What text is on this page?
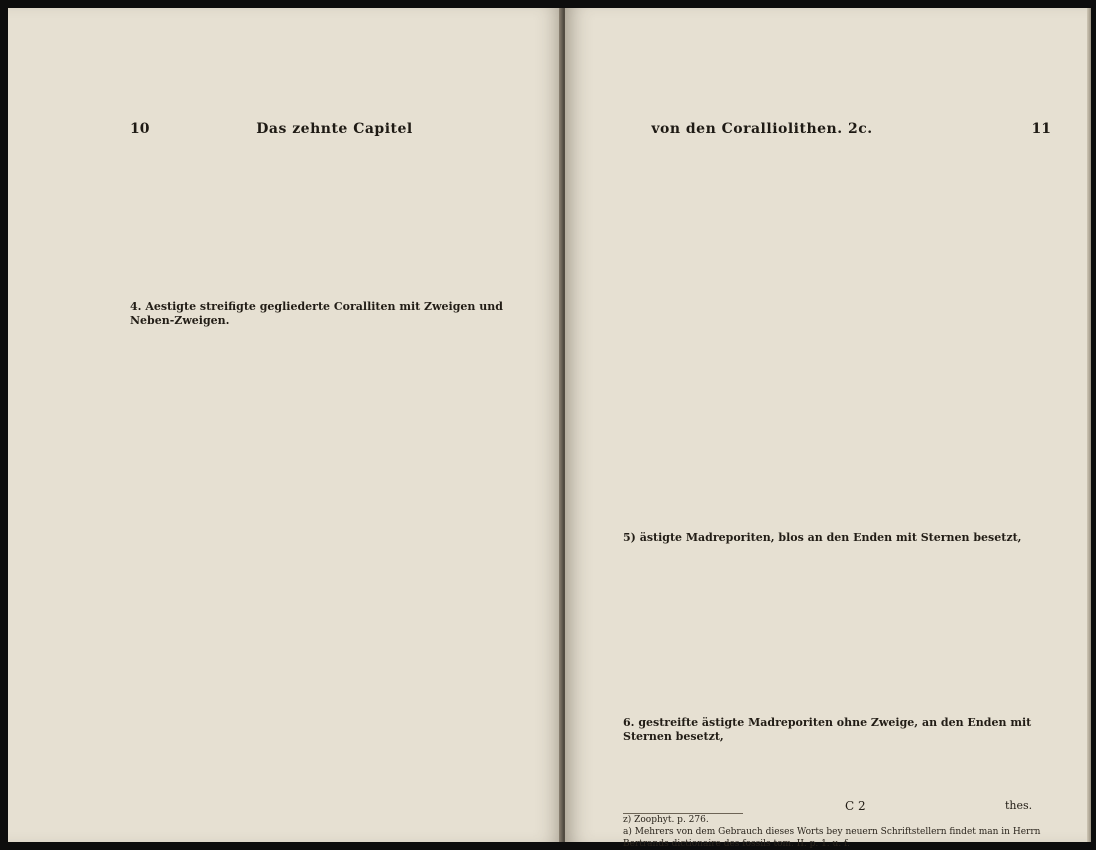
10	Das zehnte Capitel
4. Aestigte streifigte gegliederte Coralliten mit Zweigen und Neben-Zweigen.
von den Coralliolithen. 2c.	11
5) ästigte Madreporiten, blos an den Enden mit Sternen besetzt,
6. gestreifte ästigte Madreporiten ohne Zweige, an den Enden mit Sternen besetzt,
C 2	thes.
z) Zoophyt. p. 276.
a) Mehrers von dem Gebrauch dieses Worts bey neuern Schriftstellern findet man in Herrn Bertrands dictionaire des fossils tom. II. p. 1. u. f.
